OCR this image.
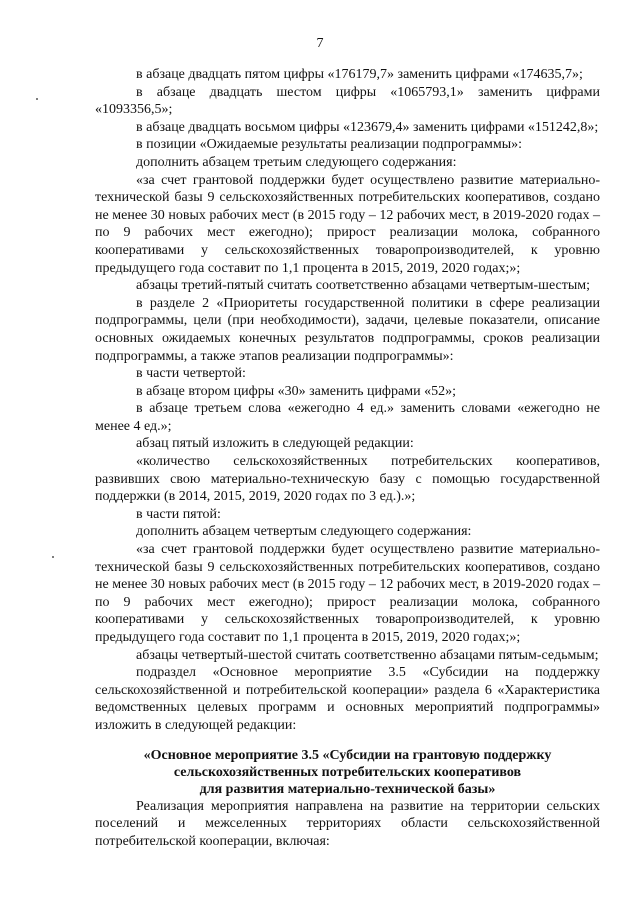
7

в абзаце двадцать пятом цифры «176179,7» заменить цифрами «174635,7»;

в абзаце двадцать шестом цифры «1065793,1» заменить цифрами «1093356,5»;

в абзаце двадцать восьмом цифры «123679,4» заменить цифрами «151242,8»;

в позиции «Ожидаемые результаты реализации подпрограммы»:

дополнить абзацем третьим следующего содержания:

«за счет грантовой поддержки будет осуществлено развитие материально-технической базы 9 сельскохозяйственных потребительских кооперативов, создано не менее 30 новых рабочих мест (в 2015 году – 12 рабочих мест, в 2019-2020 годах – по 9 рабочих мест ежегодно); прирост реализации молока, собранного кооперативами у сельскохозяйственных товаропроизводителей, к уровню предыдущего года составит по 1,1 процента в 2015, 2019, 2020 годах;»;

абзацы третий-пятый считать соответственно абзацами четвертым-шестым;

в разделе 2 «Приоритеты государственной политики в сфере реализации подпрограммы, цели (при необходимости), задачи, целевые показатели, описание основных ожидаемых конечных результатов подпрограммы, сроков реализации подпрограммы, а также этапов реализации подпрограммы»:

в части четвертой:

в абзаце втором цифры «30» заменить цифрами «52»;

в абзаце третьем слова «ежегодно 4 ед.» заменить словами «ежегодно не менее 4 ед.»;

абзац пятый изложить в следующей редакции:

«количество сельскохозяйственных потребительских кооперативов, развивших свою материально-техническую базу с помощью государственной поддержки (в 2014, 2015, 2019, 2020 годах по 3 ед.).»;

в части пятой:

дополнить абзацем четвертым следующего содержания:

«за счет грантовой поддержки будет осуществлено развитие материально-технической базы 9 сельскохозяйственных потребительских кооперативов, создано не менее 30 новых рабочих мест (в 2015 году – 12 рабочих мест, в 2019-2020 годах – по 9 рабочих мест ежегодно); прирост реализации молока, собранного кооперативами у сельскохозяйственных товаропроизводителей, к уровню предыдущего года составит по 1,1 процента в 2015, 2019, 2020 годах;»;

абзацы четвертый-шестой считать соответственно абзацами пятым-седьмым;

подраздел «Основное мероприятие 3.5 «Субсидии на поддержку сельскохозяйственной и потребительской кооперации» раздела 6 «Характеристика ведомственных целевых программ и основных мероприятий подпрограммы» изложить в следующей редакции:

«Основное мероприятие 3.5 «Субсидии на грантовую поддержку
сельскохозяйственных потребительских кооперативов
для развития материально-технической базы»

Реализация мероприятия направлена на развитие на территории сельских поселений и межселенных территориях области сельскохозяйственной потребительской кооперации, включая:
